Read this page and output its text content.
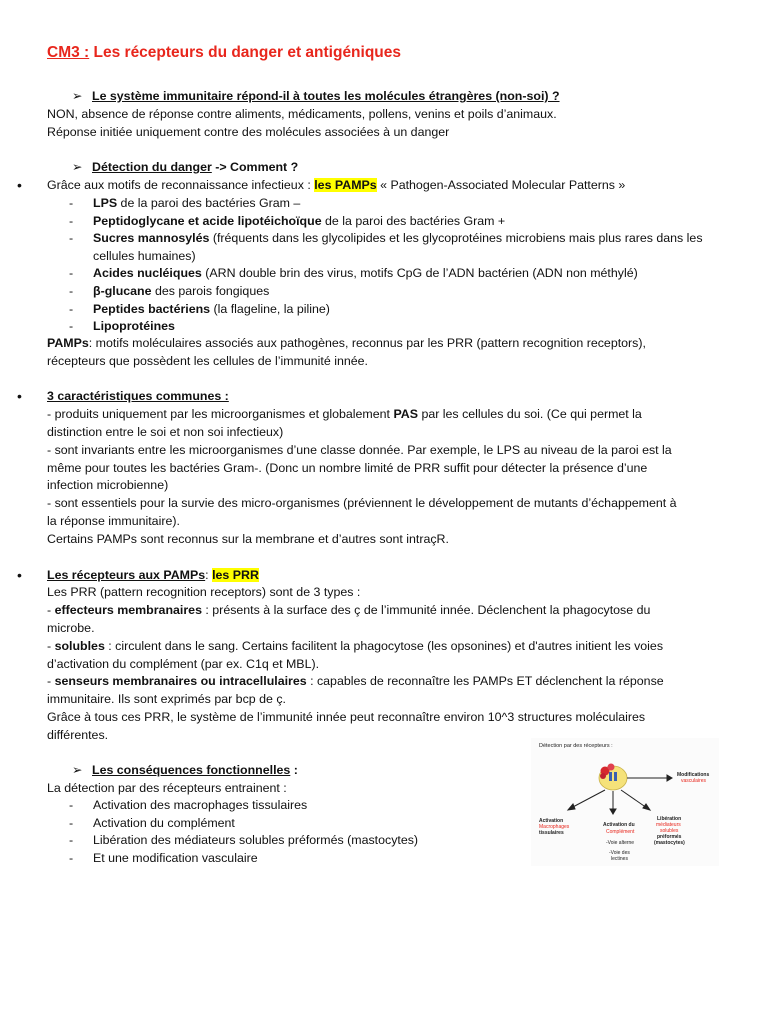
CM3 : Les récepteurs du danger et antigéniques
➢ Le système immunitaire répond-il à toutes les molécules étrangères (non-soi) ?
NON, absence de réponse contre aliments, médicaments, pollens, venins et poils d’animaux.
Réponse initiée uniquement contre des molécules associées à un danger
➢ Détection du danger -> Comment ?
• Grâce aux motifs de reconnaissance infectieux : les PAMPs « Pathogen-Associated Molecular Patterns »
- LPS de la paroi des bactéries Gram –
- Peptidoglycane et acide lipotéichoïque de la paroi des bactéries Gram +
- Sucres mannosylés (fréquents dans les glycolipides et les glycoprotéines microbiens mais plus rares dans les
cellules humaines)
- Acides nucléiques (ARN double brin des virus, motifs CpG de l’ADN bactérien (ADN non méthylé)
- β-glucane des parois fongiques
- Peptides bactériens (la flageline, la piline)
- Lipoprotéines
PAMPs: motifs moléculaires associés aux pathogènes, reconnus par les PRR (pattern recognition receptors),
récepteurs que possèdent les cellules de l’immunité innée.
• 3 caractéristiques communes :
- produits uniquement par les microorganismes et globalement PAS par les cellules du soi. (Ce qui permet la
distinction entre le soi et non soi infectieux)
- sont invariants entre les microorganismes d’une classe donnée. Par exemple, le LPS au niveau de la paroi est la
même pour toutes les bactéries Gram-. (Donc un nombre limité de PRR suffit pour détecter la présence d’une
infection microbienne)
- sont essentiels pour la survie des micro-organismes (préviennent le développement de mutants d’échappement à
la réponse immunitaire).
Certains PAMPs sont reconnus sur la membrane et d’autres sont intraçR.
• Les récepteurs aux PAMPs: les PRR
Les PRR (pattern recognition receptors) sont de 3 types :
- effecteurs membranaires : présents à la surface des ç de l’immunité innée. Déclenchent la phagocytose du
microbe.
- solubles : circulent dans le sang. Certains facilitent la phagocytose (les opsonines) et d'autres initient les voies
d’activation du complément (par ex. C1q et MBL).
- senseurs membranaires ou intracellulaires : capables de reconnaître les PAMPs ET déclenchent la réponse
immunitaire. Ils sont exprimés par bcp de ç.
Grâce à tous ces PRR, le système de l’immunité innée peut reconnaître environ 10^3 structures moléculaires
différentes.
➢ Les conséquences fonctionnelles :
La détection par des récepteurs entrainent :
- Activation des macrophages tissulaires
- Activation du complément
- Libération des médiateurs solubles préformés (mastocytes)
- Et une modification vasculaire
Détection par des récepteurs :
Modifications
vasculaires
Activation
Macrophages
tissulaires
Activation du
Complément
-Voie alterne
-Voie des
lectines
Libération
médiateurs
solubles
préformés
(mastocytes)
